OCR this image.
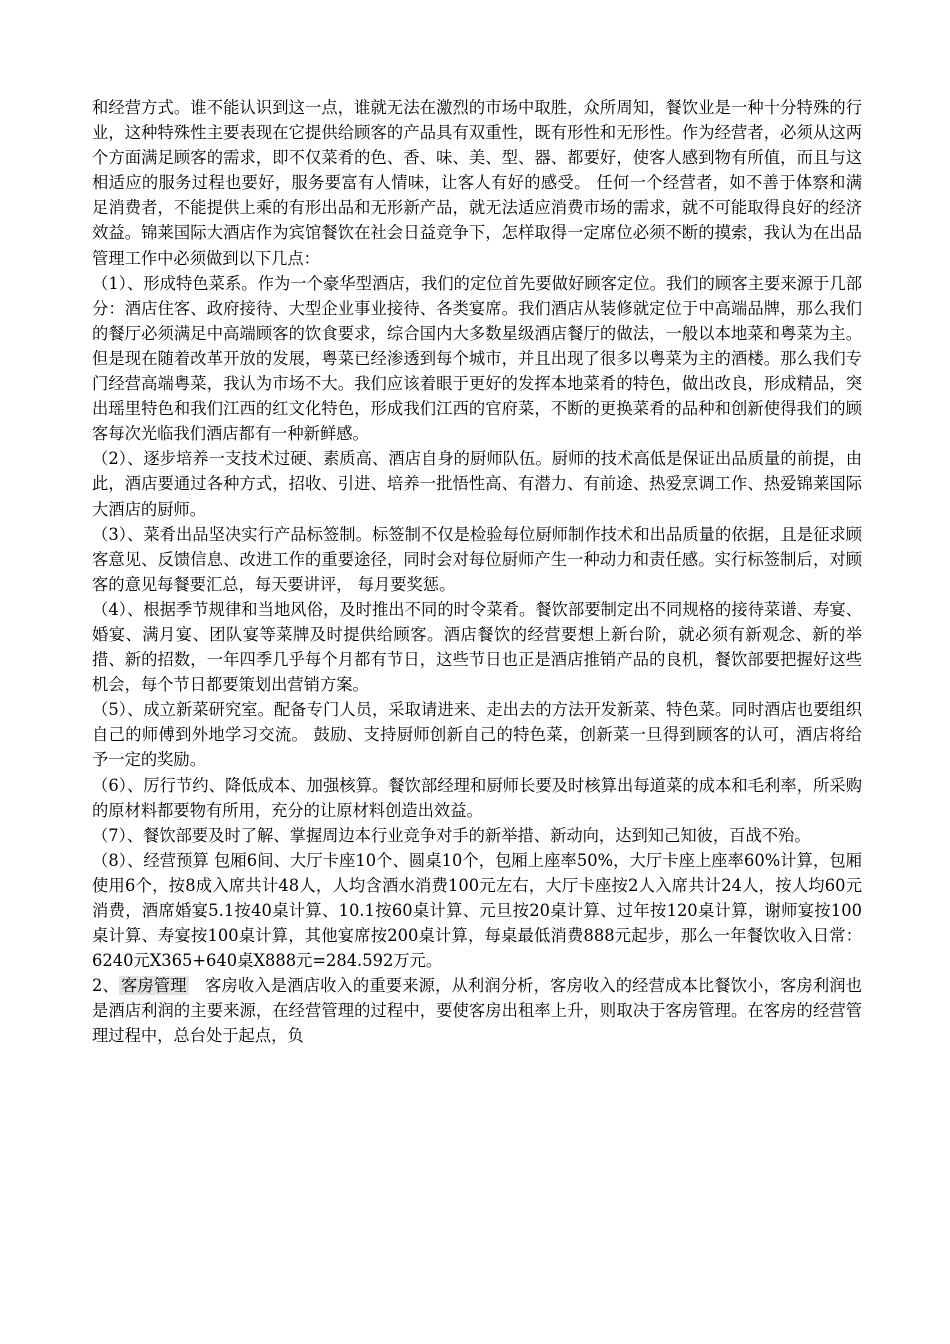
和经营方式。谁不能认识到这一点，谁就无法在激烈的市场中取胜，众所周知，餐饮业是一种十分特殊的行业，这种特殊性主要表现在它提供给顾客的产品具有双重性，既有形性和无形性。作为经营者，必须从这两 个方面满足顾客的需求，即不仅菜肴的色、香、味、美、型、器、都要好，使客人感到物有所值，而且与这相适应的服务过程也要好，服务要富有人情味，让客人有好的感受。 任何一个经营者，如不善于体察和满足消费者，不能提供上乘的有形出品和无形新产品，就无法适应消费市场的需求，就不可能取得良好的经济效益。锦莱国际大酒店作为宾馆餐饮在社会日益竞争下，怎样取得一定席位必须不断的摸索，我认为在出品管理工作中必须做到以下几点：

（1）、形成特色菜系。作为一个豪华型酒店，我们的定位首先要做好顾客定位。我们的顾客主要来源于几部分：酒店住客、政府接待、大型企业事业接待、各类宴席。我们酒店从装修就定位于中高端品牌，那么我们的餐厅必须满足中高端顾客的饮食要求，综合国内大多数星级酒店餐厅的做法，一般以本地菜和粤菜为主。但是现在随着改革开放的发展，粤菜已经渗透到每个城市，并且出现了很多以粤菜为主的酒楼。那么我们专门经营高端粤菜，我认为市场不大。我们应该着眼于更好的发挥本地菜肴的特色，做出改良，形成精品，突出瑶里特色和我们江西的红文化特色，形成我们江西的官府菜，不断的更换菜肴的品种和创新使得我们的顾客每次光临我们酒店都有一种新鲜感。

（2）、逐步培养一支技术过硬、素质高、酒店自身的厨师队伍。厨师的技术高低是保证出品质量的前提，由此，酒店要通过各种方式，招收、引进、培养一批悟性高、有潜力、有前途、热爱烹调工作、热爱锦莱国际大酒店的厨师。

（3）、菜肴出品坚决实行产品标签制。标签制不仅是检验每位厨师制作技术和出品质量的依据，且是征求顾客意见、反馈信息、改进工作的重要途径，同时会对每位厨师产生一种动力和责任感。实行标签制后，对顾客的意见每餐要汇总，每天要讲评， 每月要奖惩。

（4）、根据季节规律和当地风俗，及时推出不同的时令菜肴。餐饮部要制定出不同规格的接待菜谱、寿宴、婚宴、满月宴、团队宴等菜牌及时提供给顾客。酒店餐饮的经营要想上新台阶，就必须有新观念、新的举措、新的招数，一年四季几乎每个月都有节日，这些节日也正是酒店推销产品的良机，餐饮部要把握好这些机会，每个节日都要策划出营销方案。

（5）、成立新菜研究室。配备专门人员，采取请进来、走出去的方法开发新菜、特色菜。同时酒店也要组织自己的师傅到外地学习交流。 鼓励、支持厨师创新自己的特色菜，创新菜一旦得到顾客的认可，酒店将给予一定的奖励。

（6）、厉行节约、降低成本、加强核算。餐饮部经理和厨师长要及时核算出每道菜的成本和毛利率，所采购的原材料都要物有所用，充分的让原材料创造出效益。

（7）、餐饮部要及时了解、掌握周边本行业竞争对手的新举措、新动向，达到知己知彼，百战不殆。

（8）、经营预算 包厢6间、大厅卡座10个、圆桌10个，包厢上座率50%，大厅卡座上座率60%计算，包厢使用6个，按8成入席共计48人，人均含酒水消费100元左右，大厅卡座按2人入席共计24人，按人均60元消费，酒席婚宴5.1按40桌计算、10.1按60桌计算、元旦按20桌计算、过年按120桌计算，谢师宴按100桌计算、寿宴按100桌计算，其他宴席按200桌计算，每桌最低消费888元起步，那么一年餐饮收入日常：6240元X365+640桌X888元=284.592万元。

2、 客房管理　客房收入是酒店收入的重要来源，从利润分析，客房收入的经营成本比餐饮小，客房利润也是酒店利润的主要来源，在经营管理的过程中，要使客房出租率上升，则取决于客房管理。在客房的经营管理过程中，总台处于起点，负
